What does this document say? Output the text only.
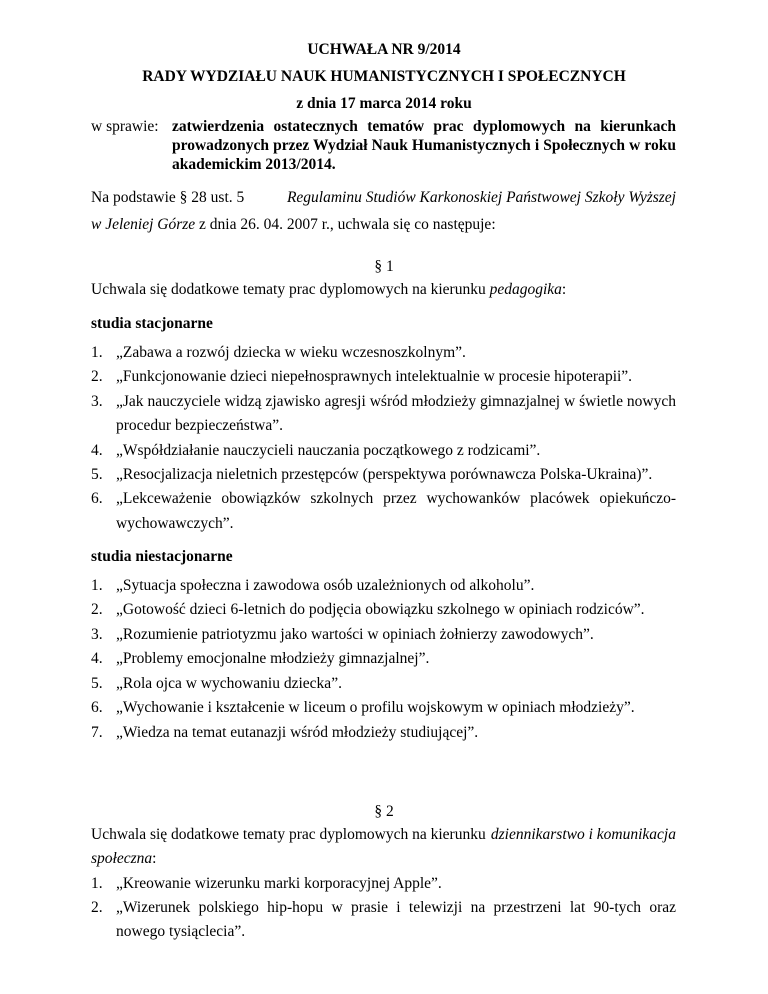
UCHWAŁA NR 9/2014
RADY WYDZIAŁU NAUK HUMANISTYCZNYCH I SPOŁECZNYCH
z dnia 17 marca 2014 roku
w sprawie: zatwierdzenia ostatecznych tematów prac dyplomowych na kierunkach
prowadzonych przez Wydział Nauk Humanistycznych i Społecznych w roku
akademickim 2013/2014.
Na podstawie § 28 ust. 5	Regulaminu Studiów Karkonoskiej Państwowej Szkoły Wyższej
w Jeleniej Górze z dnia 26. 04. 2007 r., uchwala się co następuje:
§ 1
Uchwala się dodatkowe tematy prac dyplomowych na kierunku pedagogika:
studia stacjonarne
1. „Zabawa a rozwój dziecka w wieku wczesnoszkolnym”.
2. „Funkcjonowanie dzieci niepełnosprawnych intelektualnie w procesie hipoterapii”.
3. „Jak nauczyciele widzą zjawisko agresji wśród młodzieży gimnazjalnej w świetle nowych
procedur bezpieczeństwa”.
4. „Współdziałanie nauczycieli nauczania początkowego z rodzicami”.
5. „Resocjalizacja nieletnich przestępców (perspektywa porównawcza Polska-Ukraina)”.
6. „Lekceważenie obowiązków szkolnych przez wychowanków placówek opiekuńczo-
wychowawczych”.
studia niestacjonarne
1. „Sytuacja społeczna i zawodowa osób uzależnionych od alkoholu”.
2. „Gotowość dzieci 6-letnich do podjęcia obowiązku szkolnego w opiniach rodziców”.
3. „Rozumienie patriotyzmu jako wartości w opiniach żołnierzy zawodowych”.
4. „Problemy emocjonalne młodzieży gimnazjalnej”.
5. „Rola ojca w wychowaniu dziecka”.
6. „Wychowanie i kształcenie w liceum o profilu wojskowym w opiniach młodzieży”.
7. „Wiedza na temat eutanazji wśród młodzieży studiującej”.
§ 2
Uchwala się dodatkowe tematy prac dyplomowych na kierunku dziennikarstwo i komunikacja
społeczna:
1. „Kreowanie wizerunku marki korporacyjnej Apple”.
2. „Wizerunek polskiego hip-hopu w prasie i telewizji na przestrzeni lat 90-tych oraz
nowego tysiąclecia”.
